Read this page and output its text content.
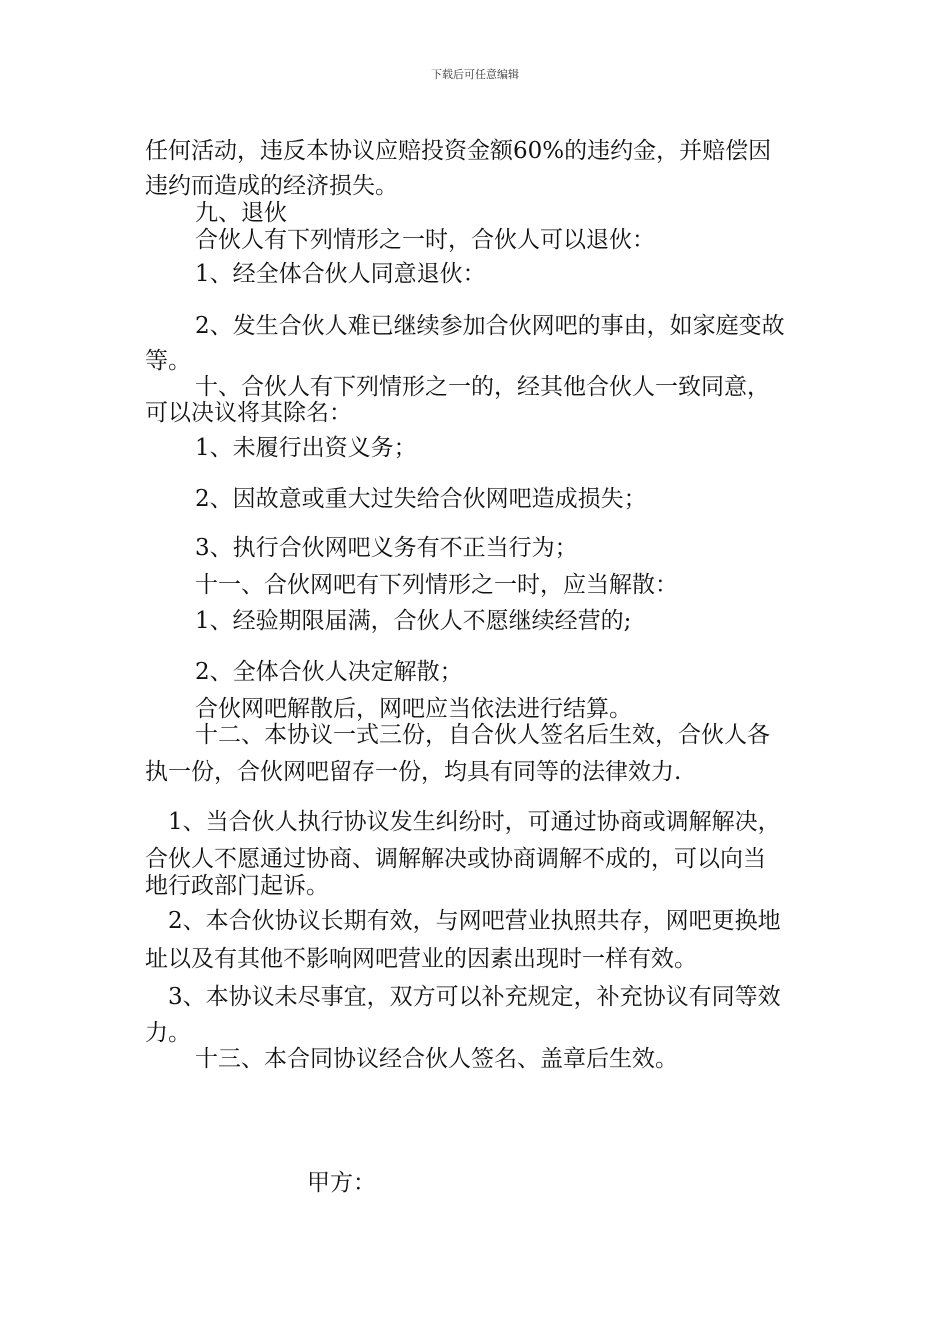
下载后可任意编辑
任何活动，违反本协议应赔投资金额60%的违约金，并赔偿因
违约而造成的经济损失。
九、退伙
合伙人有下列情形之一时，合伙人可以退伙：
1、经全体合伙人同意退伙：
2、发生合伙人难已继续参加合伙网吧的事由，如家庭变故
等。
十、合伙人有下列情形之一的，经其他合伙人一致同意，
可以决议将其除名：
1、未履行出资义务；
2、因故意或重大过失给合伙网吧造成损失；
3、执行合伙网吧义务有不正当行为；
十一、合伙网吧有下列情形之一时，应当解散：
1、经验期限届满，合伙人不愿继续经营的;
2、全体合伙人决定解散；
合伙网吧解散后，网吧应当依法进行结算。
十二、本协议一式三份，自合伙人签名后生效，合伙人各
执一份，合伙网吧留存一份，均具有同等的法律效力.
1、当合伙人执行协议发生纠纷时，可通过协商或调解解决，
合伙人不愿通过协商、调解解决或协商调解不成的，可以向当
地行政部门起诉。
2、本合伙协议长期有效，与网吧营业执照共存，网吧更换地
址以及有其他不影响网吧营业的因素出现时一样有效。
3、本协议未尽事宜，双方可以补充规定，补充协议有同等效
力。
十三、本合同协议经合伙人签名、盖章后生效。
甲方：
